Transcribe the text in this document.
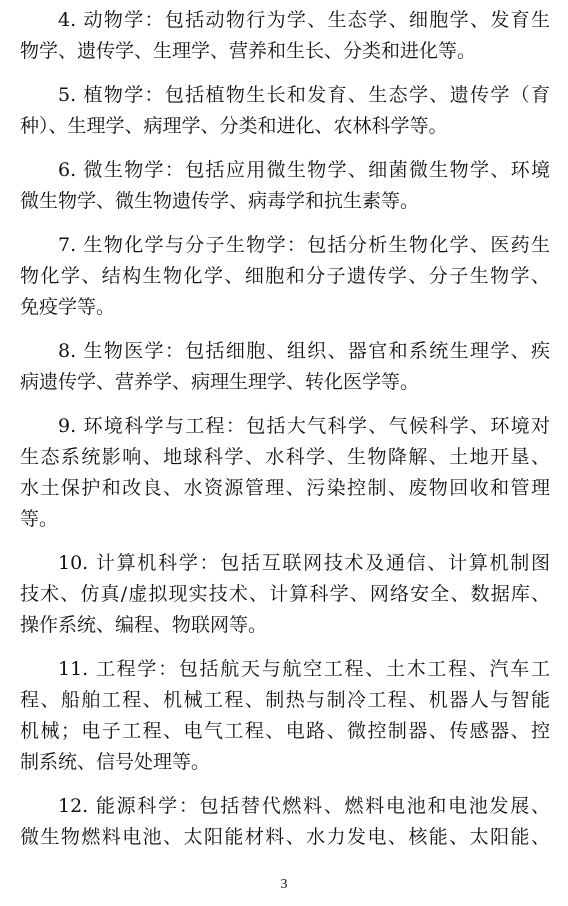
4. 动物学：包括动物行为学、生态学、细胞学、发育生
物学、遗传学、生理学、营养和生长、分类和进化等。
5. 植物学：包括植物生长和发育、生态学、遗传学（育
种）、生理学、病理学、分类和进化、农林科学等。
6. 微生物学：包括应用微生物学、细菌微生物学、环境
微生物学、微生物遗传学、病毒学和抗生素等。
7. 生物化学与分子生物学：包括分析生物化学、医药生
物化学、结构生物化学、细胞和分子遗传学、分子生物学、
免疫学等。
8. 生物医学：包括细胞、组织、器官和系统生理学、疾
病遗传学、营养学、病理生理学、转化医学等。
9. 环境科学与工程：包括大气科学、气候科学、环境对
生态系统影响、地球科学、水科学、生物降解、土地开垦、
水土保护和改良、水资源管理、污染控制、废物回收和管理
等。
10. 计算机科学：包括互联网技术及通信、计算机制图
技术、仿真/虚拟现实技术、计算科学、网络安全、数据库、
操作系统、编程、物联网等。
11. 工程学：包括航天与航空工程、土木工程、汽车工
程、船舶工程、机械工程、制热与制冷工程、机器人与智能
机械；电子工程、电气工程、电路、微控制器、传感器、控
制系统、信号处理等。
12. 能源科学：包括替代燃料、燃料电池和电池发展、
微生物燃料电池、太阳能材料、水力发电、核能、太阳能、
3
